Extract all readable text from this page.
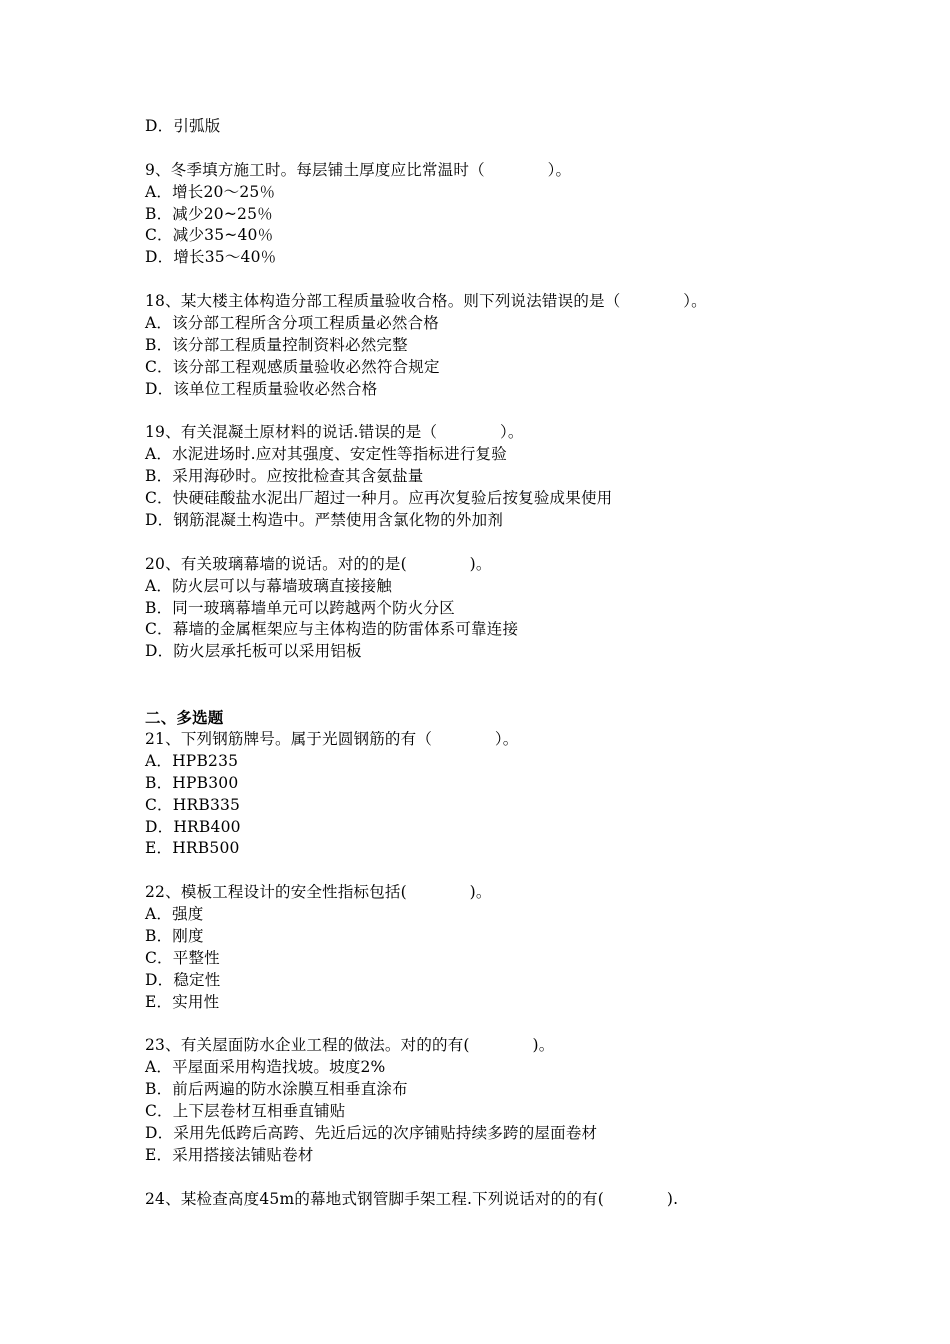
D．引弧版
9、冬季填方施工时。每层铺土厚度应比常温时（　　　　）。
A．增长20～25％
B．减少20~25％
C．减少35~40％
D．增长35～40％
18、某大楼主体构造分部工程质量验收合格。则下列说法错误的是（　　　　）。
A．该分部工程所含分项工程质量必然合格
B．该分部工程质量控制资料必然完整
C．该分部工程观感质量验收必然符合规定
D．该单位工程质量验收必然合格
19、有关混凝土原材料的说话.错误的是（　　　　）。
A．水泥进场时.应对其强度、安定性等指标进行复验
B．采用海砂时。应按批检查其含氨盐量
C．快硬硅酸盐水泥出厂超过一种月。应再次复验后按复验成果使用
D．钢筋混凝土构造中。严禁使用含氯化物的外加剂
20、有关玻璃幕墙的说话。对的的是(　　　　)。
A．防火层可以与幕墙玻璃直接接触
B．同一玻璃幕墙单元可以跨越两个防火分区
C．幕墙的金属框架应与主体构造的防雷体系可靠连接
D．防火层承托板可以采用铝板
二、多选题
21、下列钢筋牌号。属于光圆钢筋的有（　　　　）。
A．HPB235
B．HPB300
C．HRB335
D．HRB400
E．HRB500
22、模板工程设计的安全性指标包括(　　　　)。
A．强度
B．刚度
C．平整性
D．稳定性
E．实用性
23、有关屋面防水企业工程的做法。对的的有(　　　　)。
A．平屋面采用构造找坡。坡度2%
B．前后两遍的防水涂膜互相垂直涂布
C．上下层卷材互相垂直铺贴
D．采用先低跨后高跨、先近后远的次序铺贴持续多跨的屋面卷材
E．采用搭接法铺贴卷材
24、某检查高度45m的幕地式钢管脚手架工程.下列说话对的的有(　　　　).
